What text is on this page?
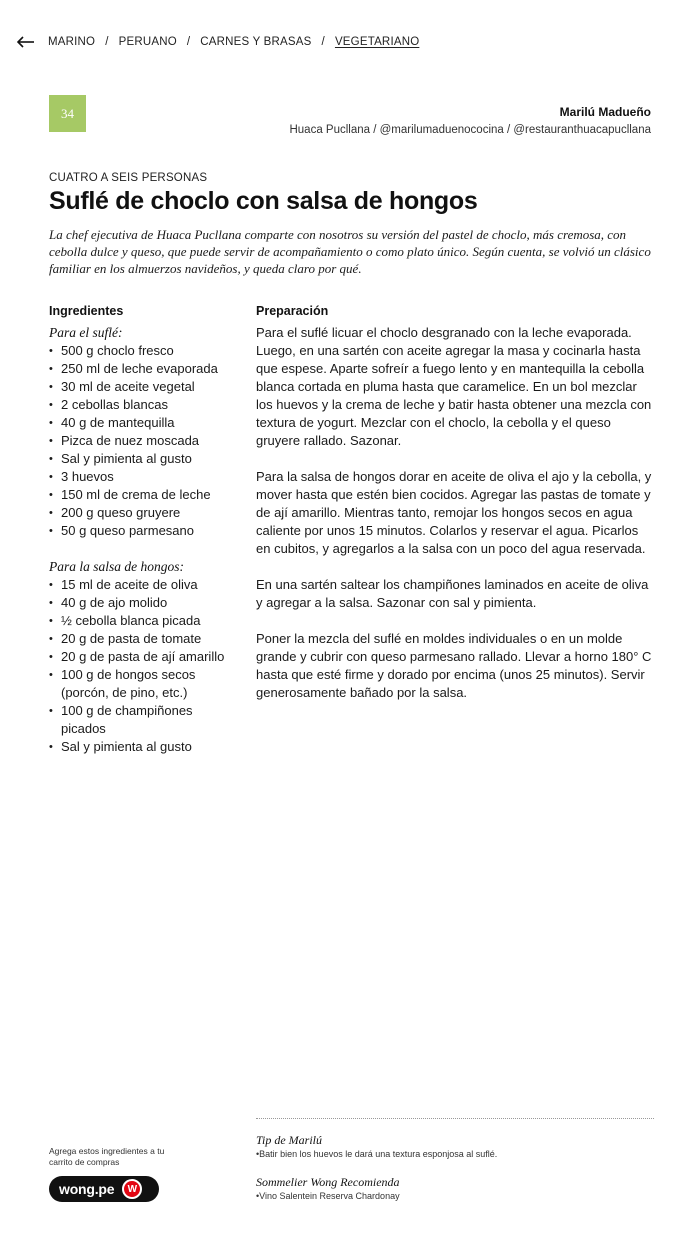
MARINO / PERUANO / CARNES Y BRASAS / VEGETARIANO
34	Marilú Madueño
Huaca Pucllana / @marilumaduenococina / @restauranthuacapucllana
CUATRO A SEIS PERSONAS
Suflé de choclo con salsa de hongos

La chef ejecutiva de Huaca Pucllana comparte con nosotros su versión del pastel de choclo, más cremosa, con cebolla dulce y queso, que puede servir de acompañamiento o como plato único. Según cuenta, se volvió un clásico familiar en los almuerzos navideños, y queda claro por qué.

Ingredientes
Para el suflé:
• 500 g choclo fresco
• 250 ml de leche evaporada
• 30 ml de aceite vegetal
• 2 cebollas blancas
• 40 g de mantequilla
• Pizca de nuez moscada
• Sal y pimienta al gusto
• 3 huevos
• 150 ml de crema de leche
• 200 g queso gruyere
• 50 g queso parmesano
Para la salsa de hongos:
• 15 ml de aceite de oliva
• 40 g de ajo molido
• ½ cebolla blanca picada
• 20 g de pasta de tomate
• 20 g de pasta de ají amarillo
• 100 g de hongos secos (porcón, de pino, etc.)
• 100 g de champiñones picados
• Sal y pimienta al gusto
Preparación

Para el suflé licuar el choclo desgranado con la leche evaporada. Luego, en una sartén con aceite agregar la masa y cocinarla hasta que espese. Aparte sofreír a fuego lento y en mantequilla la cebolla blanca cortada en pluma hasta que caramelice. En un bol mezclar los huevos y la crema de leche y batir hasta obtener una mezcla con textura de yogurt. Mezclar con el choclo, la cebolla y el queso gruyere rallado. Sazonar.

Para la salsa de hongos dorar en aceite de oliva el ajo y la cebolla, y mover hasta que estén bien cocidos. Agregar las pastas de tomate y de ají amarillo. Mientras tanto, remojar los hongos secos en agua caliente por unos 15 minutos. Colarlos y reservar el agua. Picarlos en cubitos, y agregarlos a la salsa con un poco del agua reservada.

En una sartén saltear los champiñones laminados en aceite de oliva y agregar a la salsa. Sazonar con sal y pimienta.

Poner la mezcla del suflé en moldes individuales o en un molde grande y cubrir con queso parmesano rallado. Llevar a horno 180° C hasta que esté firme y dorado por encima (unos 25 minutos). Servir generosamente bañado por la salsa.

Agrega estos ingredientes a tu carrito de compras
wong.pe	W
Tip de Marilú
•Batir bien los huevos le dará una textura esponjosa al suflé.
Sommelier Wong Recomienda
•Vino Salentein Reserva Chardonay
